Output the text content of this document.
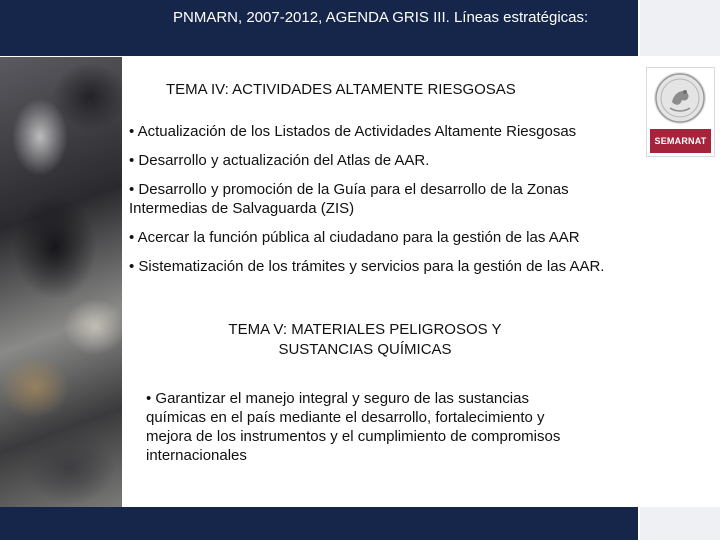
PNMARN, 2007-2012, AGENDA GRIS III. Líneas estratégicas:
SEMARNAT
TEMA IV: ACTIVIDADES ALTAMENTE RIESGOSAS
• Actualización de los Listados de Actividades Altamente Riesgosas
• Desarrollo y actualización del Atlas de AAR.
• Desarrollo y promoción de la Guía para el desarrollo de la Zonas Intermedias de Salvaguarda (ZIS)
• Acercar la función pública al ciudadano para la gestión de las AAR
• Sistematización de los trámites y servicios para la gestión de las AAR.
TEMA V: MATERIALES PELIGROSOS Y SUSTANCIAS QUÍMICAS
• Garantizar el manejo integral y seguro de las sustancias químicas en el país mediante el desarrollo, fortalecimiento y mejora de los instrumentos y el cumplimiento de compromisos internacionales
